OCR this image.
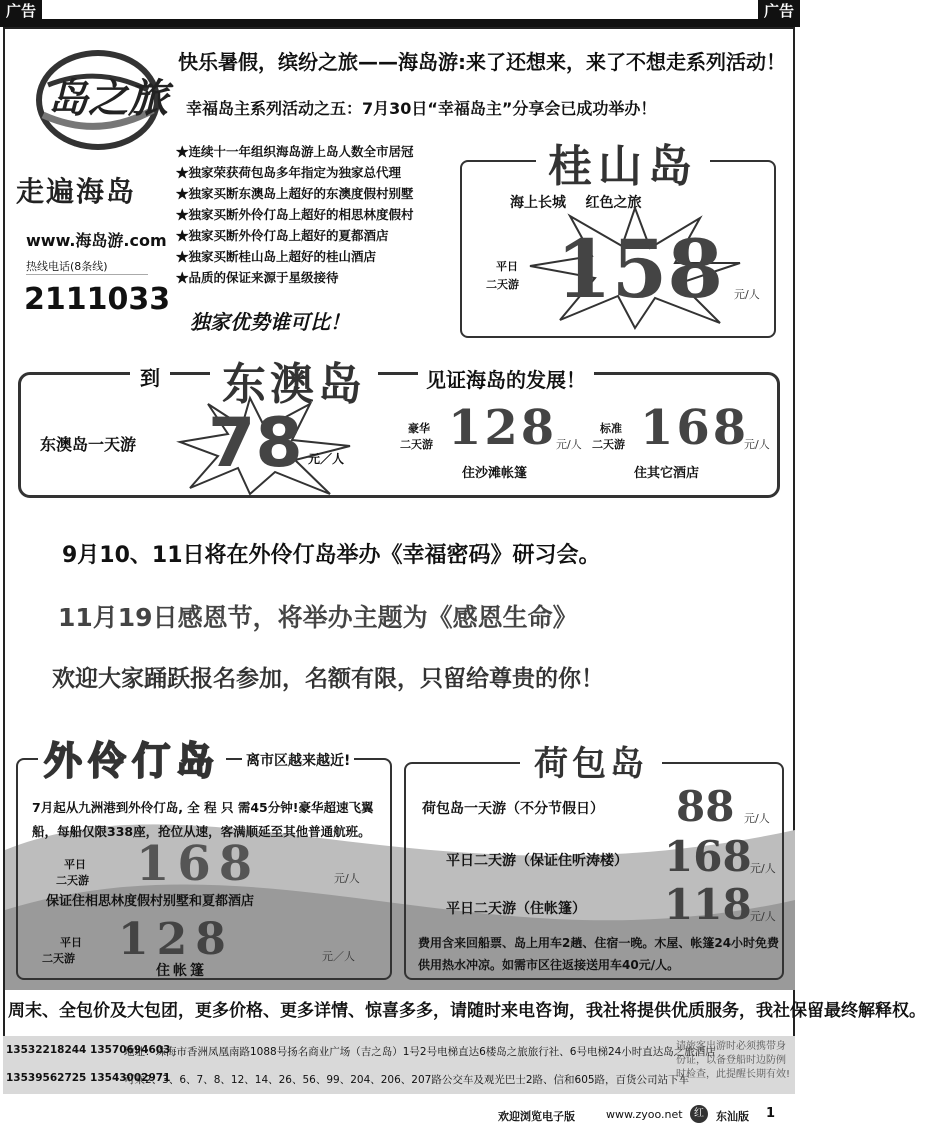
广告	广告
岛之旅
走遍海岛
www.海岛游.com
热线电话(8条线)
2111033
快乐暑假，缤纷之旅——海岛游:来了还想来，来了不想走系列活动！
幸福岛主系列活动之五：7月30日“幸福岛主”分享会已成功举办！
★连续十一年组织海岛游上岛人数全市居冠
★独家荣获荷包岛多年指定为独家总代理
★独家买断东澳岛上超好的东澳度假村别墅
★独家买断外伶仃岛上超好的相思林度假村
★独家买断外伶仃岛上超好的夏都酒店
★独家买断桂山岛上超好的桂山酒店
★品质的保证来源于星级接待
独家优势谁可比！
桂山岛
海上长城    红色之旅
平日
二天游 158 元/人
到 东澳岛	见证海岛的发展！
东澳岛一天游 78 元／人
豪华
二天游 128
元/人
住沙滩帐篷
标准
二天游 168
元/人
住其它酒店
9月10、11日将在外伶仃岛举办《幸福密码》研习会。
11月19日感恩节，将举办主题为《感恩生命》
欢迎大家踊跃报名参加，名额有限，只留给尊贵的你！
外伶仃岛	离市区越来越近!
7月起从九洲港到外伶仃岛, 全 程 只 需45分钟!豪华超速飞翼船，每船仅限338座，抢位从速，客满顺延至其他普通航班。
平日
二天游 168	元/人
保证住相思林度假村别墅和夏都酒店
平日
二天游 128	元／人
住帐篷
荷包岛
荷包岛一天游（不分节假日） 88 元/人
平日二天游（保证住听涛楼） 168
元/人
平日二天游（住帐篷） 118
元/人
费用含来回船票、岛上用车2趟、住宿一晚。木屋、帐篷24小时免费供用热水冲凉。如需市区往返接送用车40元/人。
周末、全包价及大包团，更多价格、更多详情、惊喜多多，请随时来电咨询，我社将提供优质服务，我社保留最终解释权。
13532218244 13570694603
地址：珠海市香洲凤凰南路1088号扬名商业广场（吉之岛）1号2号电梯直达6楼岛之旅旅行社、6号电梯24小时直达岛之旅酒店
13539562725 13543002971
可乘2、3、6、7、8、12、14、26、56、99、204、206、207路公交车及观光巴士2路、信和605路，百货公司站下车
请旅客出游时必须携带身份证，以备登船时边防例时检查，此提醒长期有效!
欢迎浏览电子版	www.zyoo.net	红	东汕版 1
